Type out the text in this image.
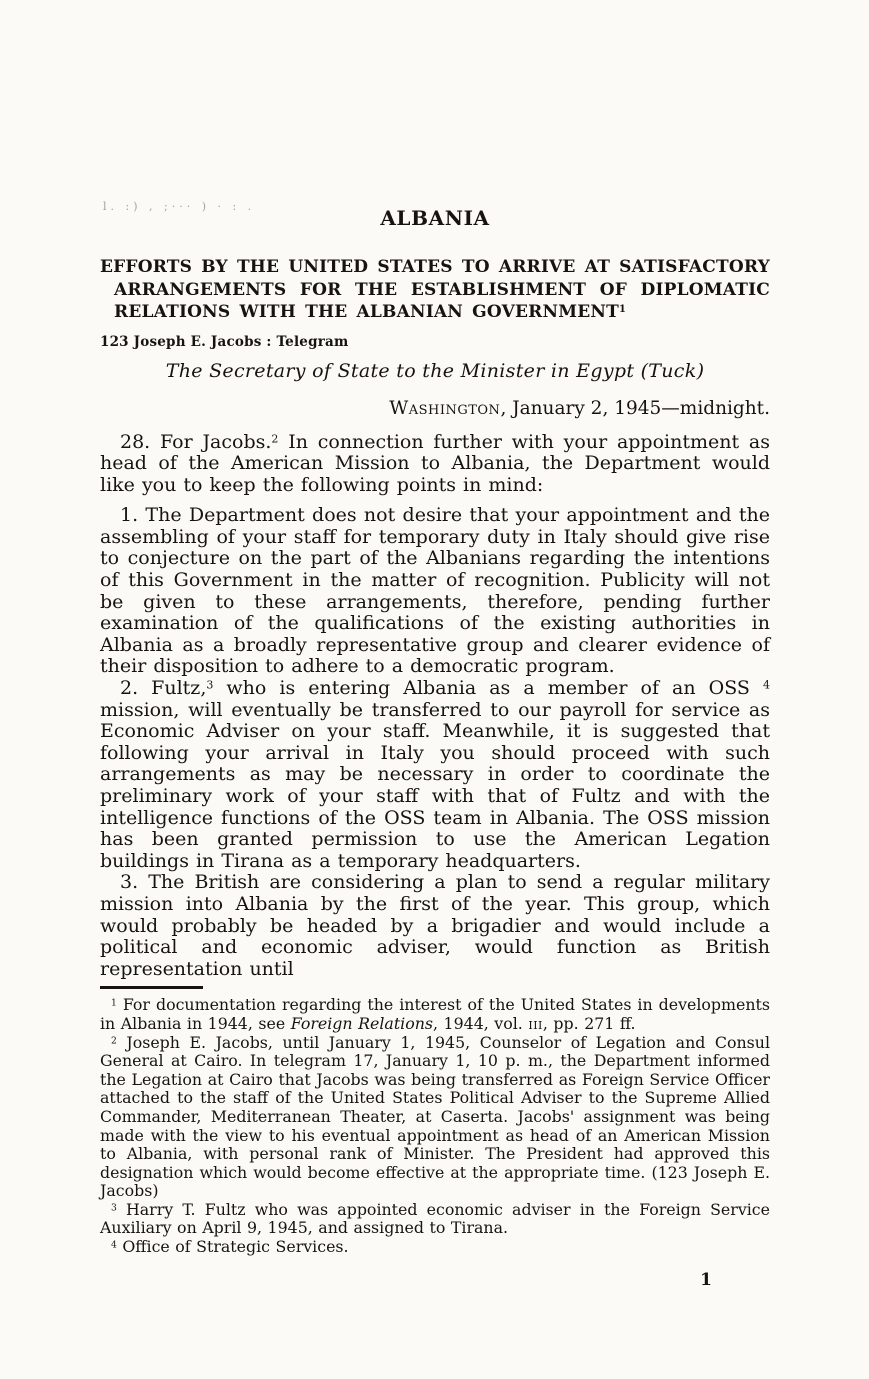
l. :) , ;··· ) · : .	ALBANIA
EFFORTS BY THE UNITED STATES TO ARRIVE AT SATISFACTORY ARRANGEMENTS FOR THE ESTABLISHMENT OF DIPLOMATIC RELATIONS WITH THE ALBANIAN GOVERNMENT$^1$
123 Joseph E. Jacobs : Telegram
The Secretary of State to the Minister in Egypt (Tuck)
Washington, January 2, 1945—midnight.

28. For Jacobs.$^2$ In connection further with your appointment as head of the American Mission to Albania, the Department would like you to keep the following points in mind:

1. The Department does not desire that your appointment and the assembling of your staff for temporary duty in Italy should give rise to conjecture on the part of the Albanians regarding the intentions of this Government in the matter of recognition. Publicity will not be given to these arrangements, therefore, pending further examination of the qualifications of the existing authorities in Albania as a broadly representative group and clearer evidence of their disposition to adhere to a democratic program.

2. Fultz,$^3$ who is entering Albania as a member of an OSS $^4$ mission, will eventually be transferred to our payroll for service as Economic Adviser on your staff. Meanwhile, it is suggested that following your arrival in Italy you should proceed with such arrangements as may be necessary in order to coordinate the preliminary work of your staff with that of Fultz and with the intelligence functions of the OSS team in Albania. The OSS mission has been granted permission to use the American Legation buildings in Tirana as a temporary headquarters.

3. The British are considering a plan to send a regular military mission into Albania by the first of the year. This group, which would probably be headed by a brigadier and would include a political and economic adviser, would function as British representation until

$^1$ For documentation regarding the interest of the United States in developments in Albania in 1944, see Foreign Relations, 1944, vol. iii, pp. 271 ff.

$^2$ Joseph E. Jacobs, until January 1, 1945, Counselor of Legation and Consul General at Cairo. In telegram 17, January 1, 10 p. m., the Department informed the Legation at Cairo that Jacobs was being transferred as Foreign Service Officer attached to the staff of the United States Political Adviser to the Supreme Allied Commander, Mediterranean Theater, at Caserta. Jacobs' assignment was being made with the view to his eventual appointment as head of an American Mission to Albania, with personal rank of Minister. The President had approved this designation which would become effective at the appropriate time. (123 Joseph E. Jacobs)

$^3$ Harry T. Fultz who was appointed economic adviser in the Foreign Service Auxiliary on April 9, 1945, and assigned to Tirana.

$^4$ Office of Strategic Services.

1
